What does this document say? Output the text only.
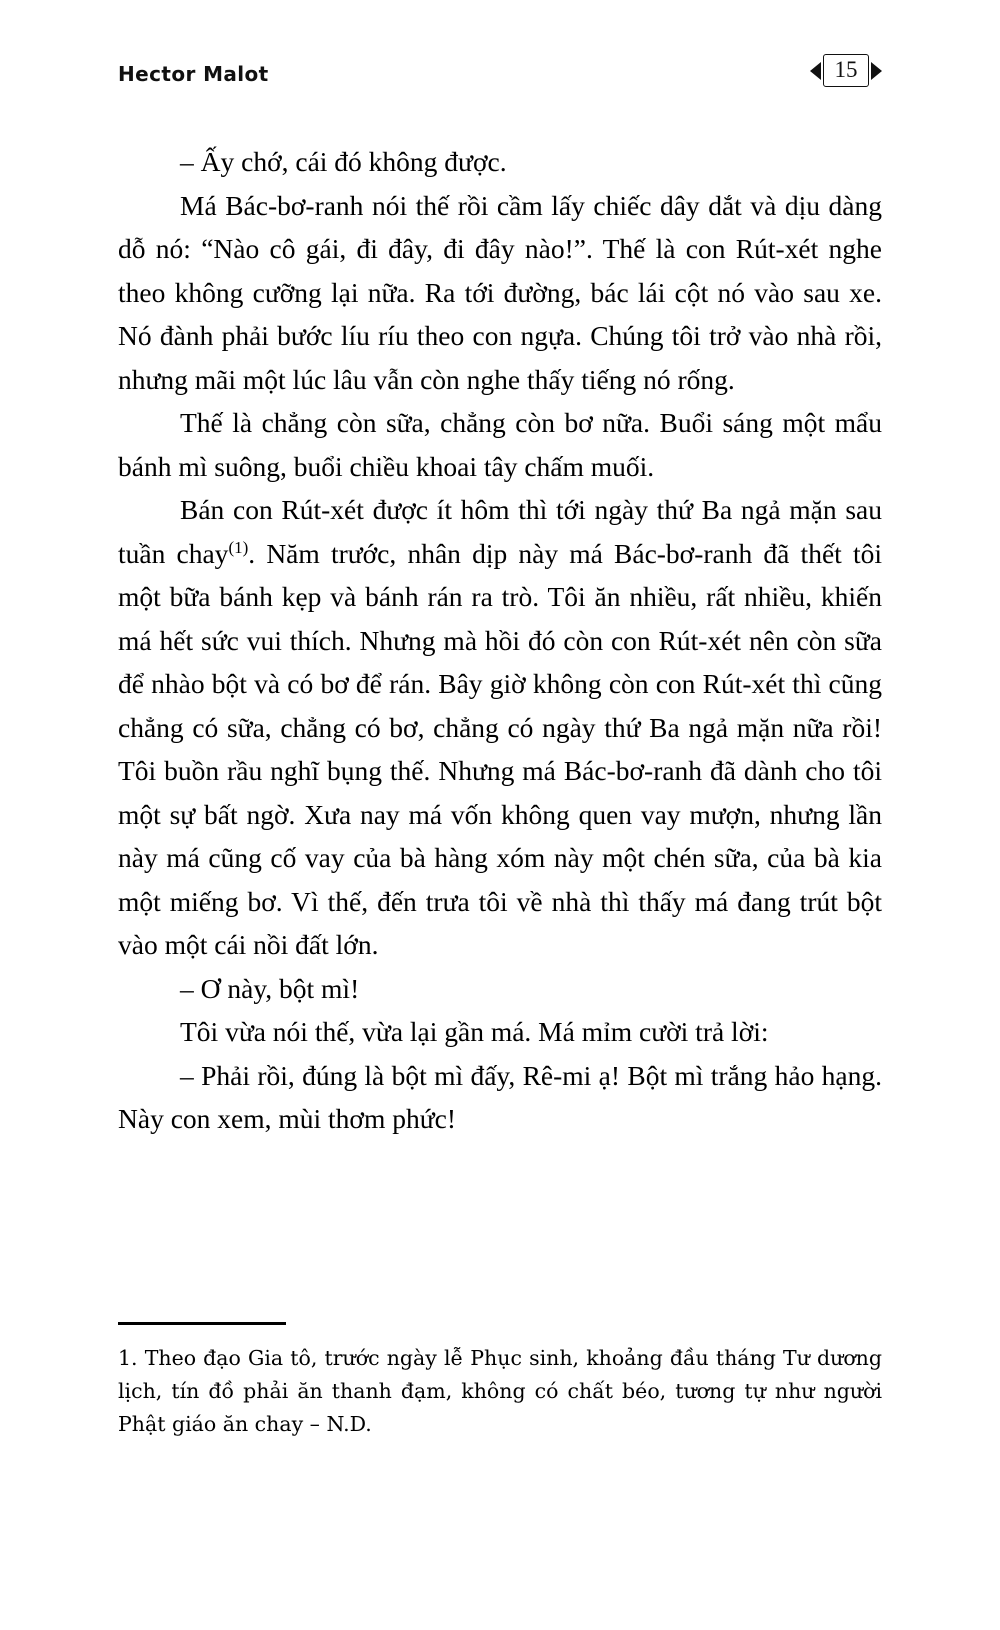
Hector Malot	15

– Ấy chớ, cái đó không được.

Má Bác-bơ-ranh nói thế rồi cầm lấy chiếc dây dắt và dịu dàng dỗ nó: “Nào cô gái, đi đây, đi đây nào!”. Thế là con Rút-xét nghe theo không cưỡng lại nữa. Ra tới đường, bác lái cột nó vào sau xe. Nó đành phải bước líu ríu theo con ngựa. Chúng tôi trở vào nhà rồi, nhưng mãi một lúc lâu vẫn còn nghe thấy tiếng nó rống.

Thế là chẳng còn sữa, chẳng còn bơ nữa. Buổi sáng một mẩu bánh mì suông, buổi chiều khoai tây chấm muối.

Bán con Rút-xét được ít hôm thì tới ngày thứ Ba ngả mặn sau tuần chay$^{(1)}$. Năm trước, nhân dịp này má Bác-bơ-ranh đã thết tôi một bữa bánh kẹp và bánh rán ra trò. Tôi ăn nhiều, rất nhiều, khiến má hết sức vui thích. Nhưng mà hồi đó còn con Rút-xét nên còn sữa để nhào bột và có bơ để rán. Bây giờ không còn con Rút-xét thì cũng chẳng có sữa, chẳng có bơ, chẳng có ngày thứ Ba ngả mặn nữa rồi! Tôi buồn rầu nghĩ bụng thế. Nhưng má Bác-bơ-ranh đã dành cho tôi một sự bất ngờ. Xưa nay má vốn không quen vay mượn, nhưng lần này má cũng cố vay của bà hàng xóm này một chén sữa, của bà kia một miếng bơ. Vì thế, đến trưa tôi về nhà thì thấy má đang trút bột vào một cái nồi đất lớn.

– Ơ này, bột mì!

Tôi vừa nói thế, vừa lại gần má. Má mỉm cười trả lời:

– Phải rồi, đúng là bột mì đấy, Rê-mi ạ! Bột mì trắng hảo hạng. Này con xem, mùi thơm phức!

1. Theo đạo Gia tô, trước ngày lễ Phục sinh, khoảng đầu tháng Tư dương lịch, tín đồ phải ăn thanh đạm, không có chất béo, tương tự như người Phật giáo ăn chay – N.D.
